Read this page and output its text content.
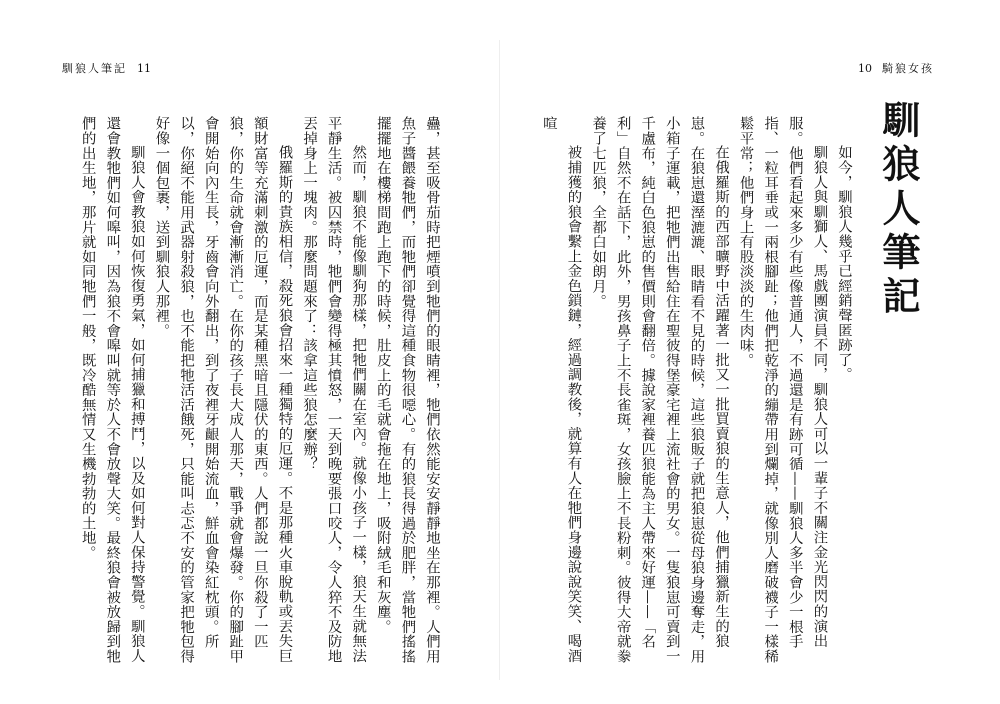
馴狼人筆記 11

蠱，甚至吸骨茄時把煙噴到牠們的眼睛裡，牠們依然能安安靜靜地坐在那裡。人們用魚子醬餵養牠們，而牠們卻覺得這種食物很噁心。有的狼長得過於肥胖，當牠們搖搖擺擺地在樓梯間跑上跑下的時候，肚皮上的毛就會拖在地上，吸附絨毛和灰塵。

然而，馴狼不能像馴狗那樣，把牠們關在室內。就像小孩子一樣，狼天生就無法平靜生活。被囚禁時，牠們會變得極其憤怒，一天到晚要張口咬人，令人猝不及防地丟掉身上一塊肉。那麼問題來了：該拿這些狼怎麼辦？

俄羅斯的貴族相信，殺死狼會招來一種獨特的厄運。不是那種火車脫軌或丟失巨額財富等充滿刺激的厄運，而是某種黑暗且隱伏的東西。人們都說一旦你殺了一匹狼，你的生命就會漸漸消亡。在你的孩子長大成人那天，戰爭就會爆發。你的腳趾甲會開始向內生長，牙齒會向外翻出，到了夜裡牙齦開始流血，鮮血會染紅枕頭。所以，你絕不能用武器射殺狼，也不能把牠活活餓死，只能叫忐忑不安的管家把牠包得好像一個包裹，送到馴狼人那裡。

馴狼人會教狼如何恢復勇氣，如何捕獵和搏鬥，以及如何對人保持警覺。馴狼人還會教牠們如何嗥叫，因為狼不會嗥叫就等於人不會放聲大笑。最終狼會被放歸到牠們的出生地，那片就如同牠們一般，既冷酷無情又生機勃勃的土地。

10 騎狼女孩
馴狼人筆記

如今，馴狼人幾乎已經銷聲匿跡了。

馴狼人與馴獅人、馬戲團演員不同，馴狼人可以一輩子不關注金光閃閃的演出服。他們看起來多少有些像普通人，不過還是有跡可循——馴狼人多半會少一根手指、一粒耳垂或一兩根腳趾；他們把乾淨的繃帶用到爛掉，就像別人磨破襪子一樣稀鬆平常；他們身上有股淡淡的生肉味。

在俄羅斯的西部曠野中活躍著一批又一批買賣狼的生意人，他們捕獵新生的狼崽。在狼崽還溼漉漉、眼睛看不見的時候，這些狼販子就把狼崽從母狼身邊奪走，用小箱子運載，把牠們出售給住在聖彼得堡豪宅裡上流社會的男女。一隻狼崽可賣到一千盧布，純白色狼崽的售價則會翻倍。據說家裡養匹狼能為主人帶來好運——「名利」自然不在話下，此外，男孩鼻子上不長雀斑，女孩臉上不長粉刺。彼得大帝就豢養了七匹狼，全都白如朗月。

被捕獲的狼會繫上金色鎖鏈，經過調教後，就算有人在牠們身邊說說笑笑、喝酒喧
